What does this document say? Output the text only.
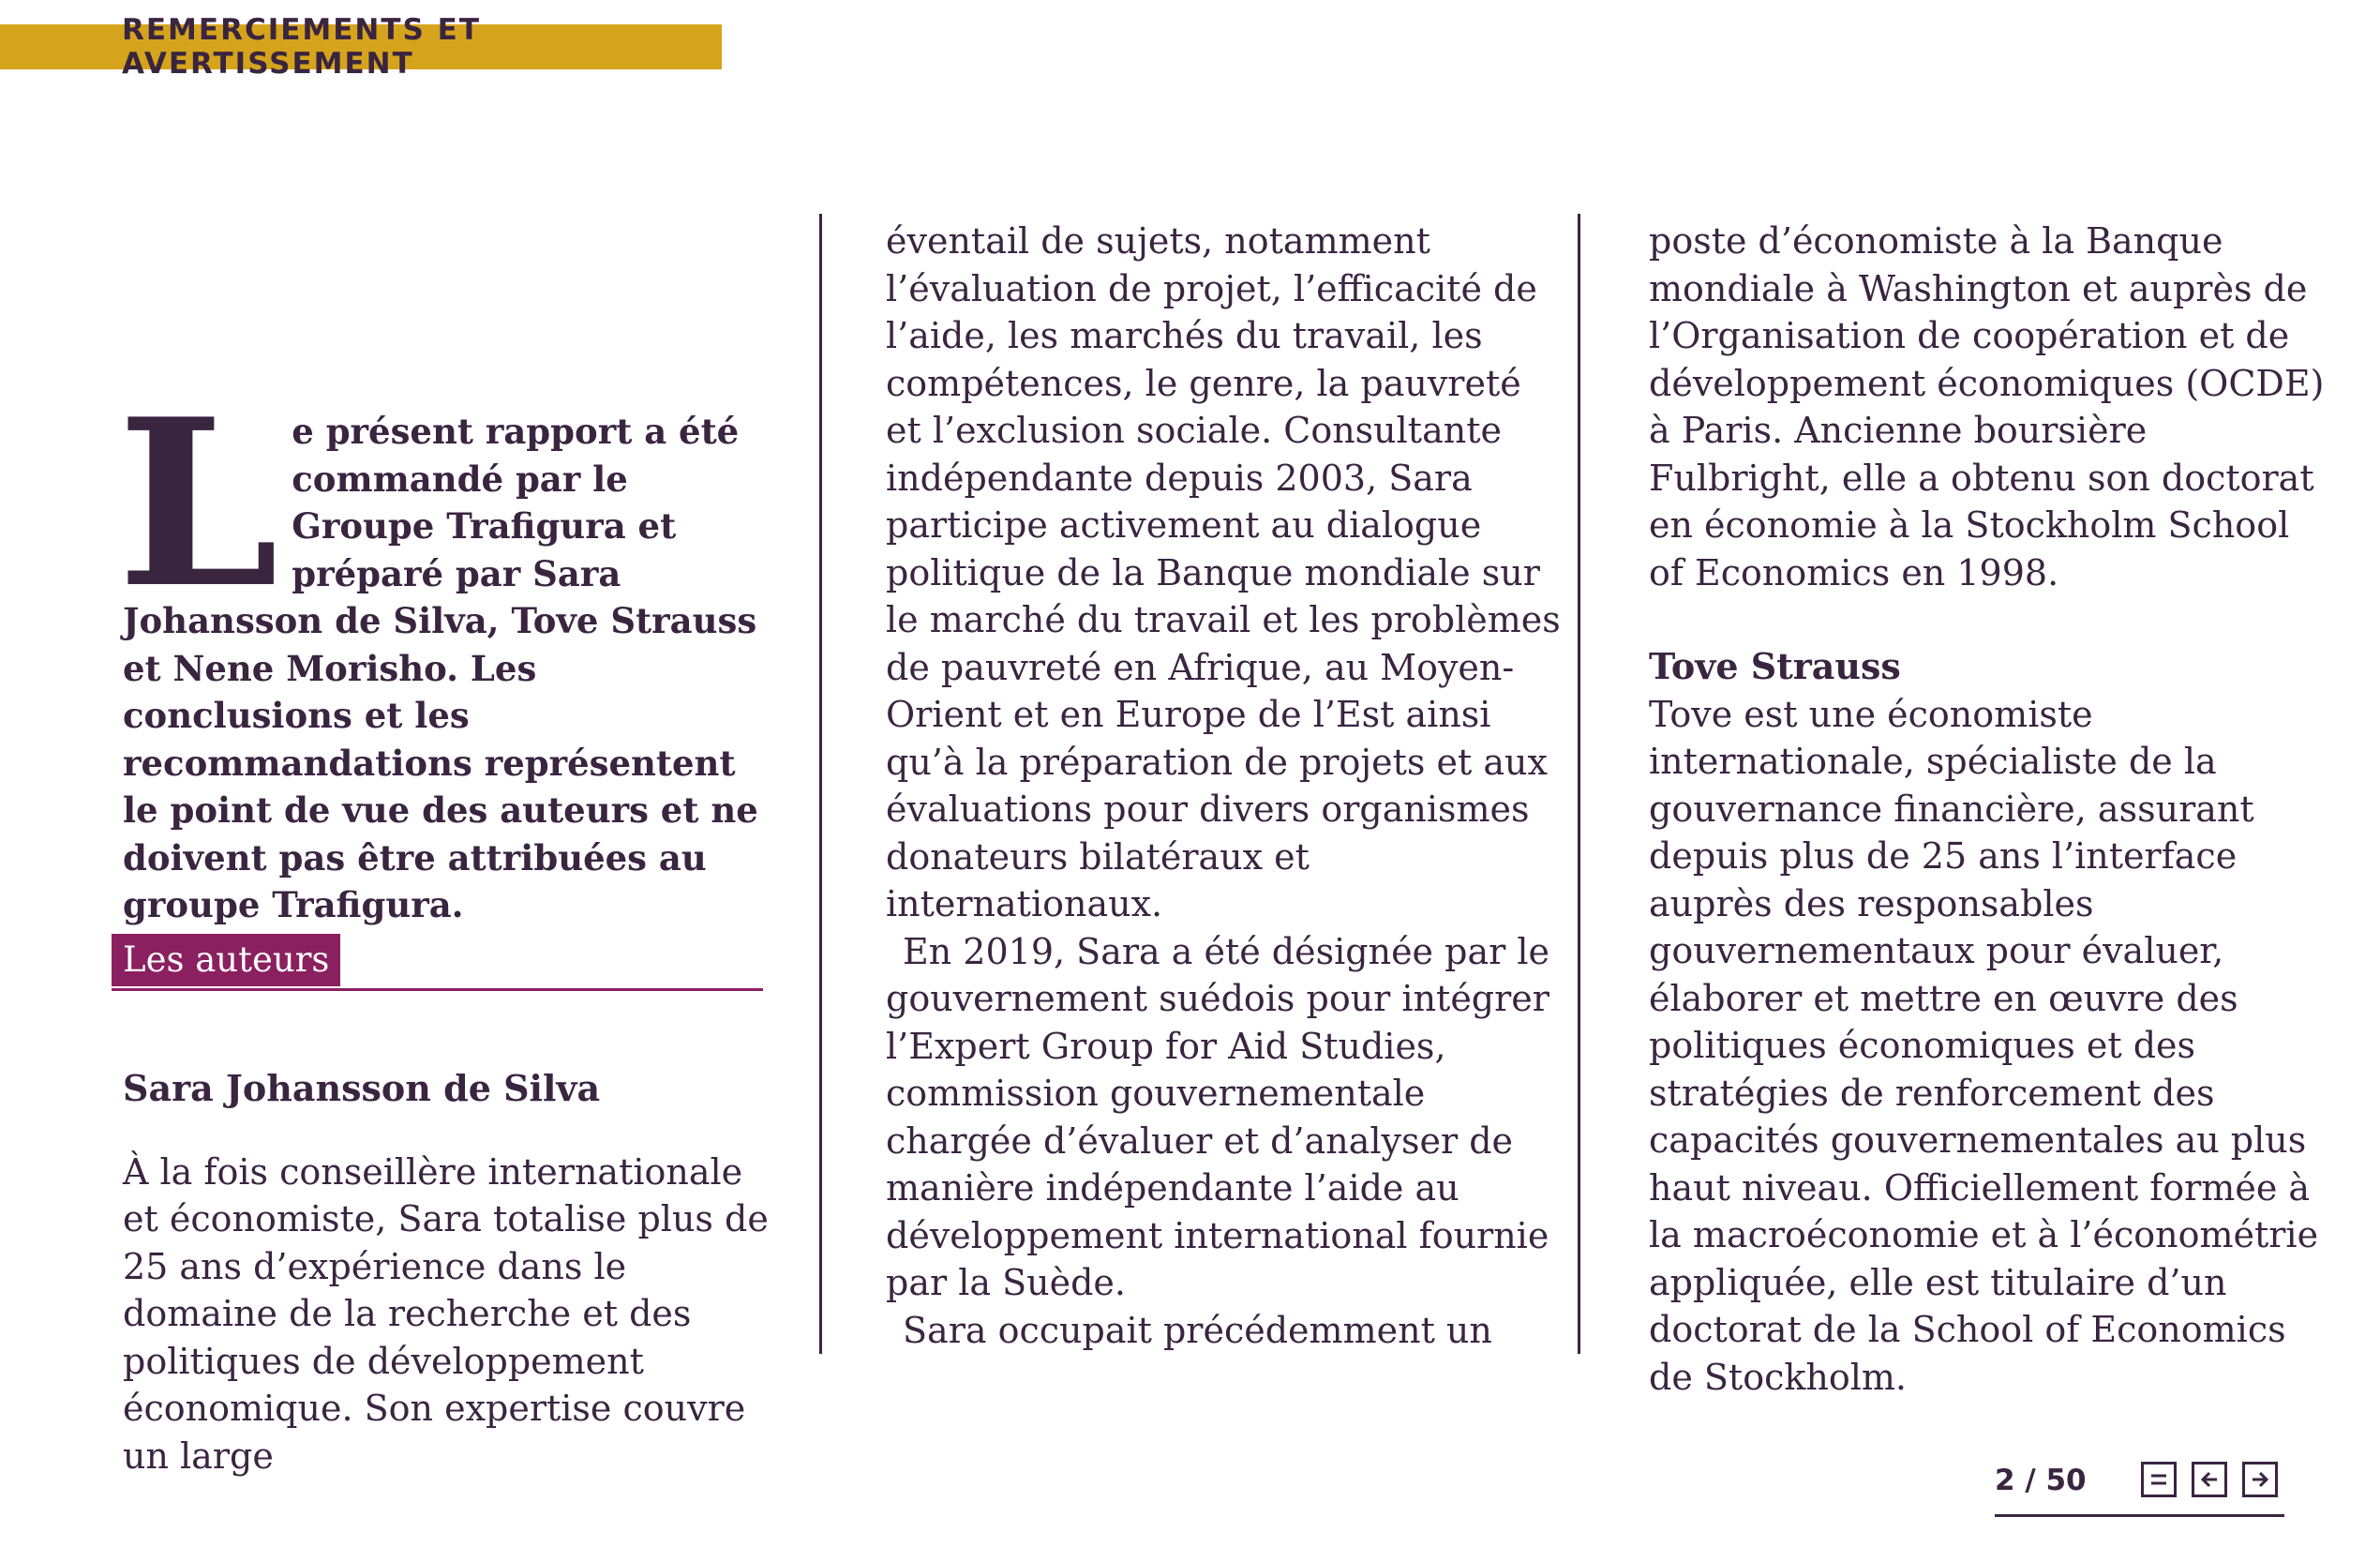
REMERCIEMENTS ET AVERTISSEMENT
L e présent rapport a été commandé par le Groupe Trafigura et préparé par Sara Johansson de Silva, Tove Strauss et Nene Morisho. Les conclusions et les recommandations représentent le point de vue des auteurs et ne doivent pas être attribuées au groupe Trafigura.
Les auteurs

Sara Johansson de Silva

À la fois conseillère internationale et économiste, Sara totalise plus de 25 ans d’expérience dans le domaine de la recherche et des politiques de développement économique. Son expertise couvre un large

éventail de sujets, notamment l’évaluation de projet, l’efficacité de l’aide, les marchés du travail, les compétences, le genre, la pauvreté et l’exclusion sociale. Consultante indépendante depuis 2003, Sara participe activement au dialogue politique de la Banque mondiale sur le marché du travail et les problèmes de pauvreté en Afrique, au Moyen-Orient et en Europe de l’Est ainsi qu’à la préparation de projets et aux évaluations pour divers organismes donateurs bilatéraux et internationaux.

En 2019, Sara a été désignée par le gouvernement suédois pour intégrer l’Expert Group for Aid Studies, commission gouvernementale chargée d’évaluer et d’analyser de manière indépendante l’aide au développement international fournie par la Suède.

Sara occupait précédemment un

poste d’économiste à la Banque mondiale à Washington et auprès de l’Organisation de coopération et de développement économiques (OCDE) à Paris. Ancienne boursière Fulbright, elle a obtenu son doctorat en économie à la Stockholm School of Economics en 1998.

Tove Strauss

Tove est une économiste internationale, spécialiste de la gouvernance financière, assurant depuis plus de 25 ans l’interface auprès des responsables gouvernementaux pour évaluer, élaborer et mettre en œuvre des politiques économiques et des stratégies de renforcement des capacités gouvernementales au plus haut niveau. Officiellement formée à la macroéconomie et à l’économétrie appliquée, elle est titulaire d’un doctorat de la School of Economics de Stockholm.

2 / 50
